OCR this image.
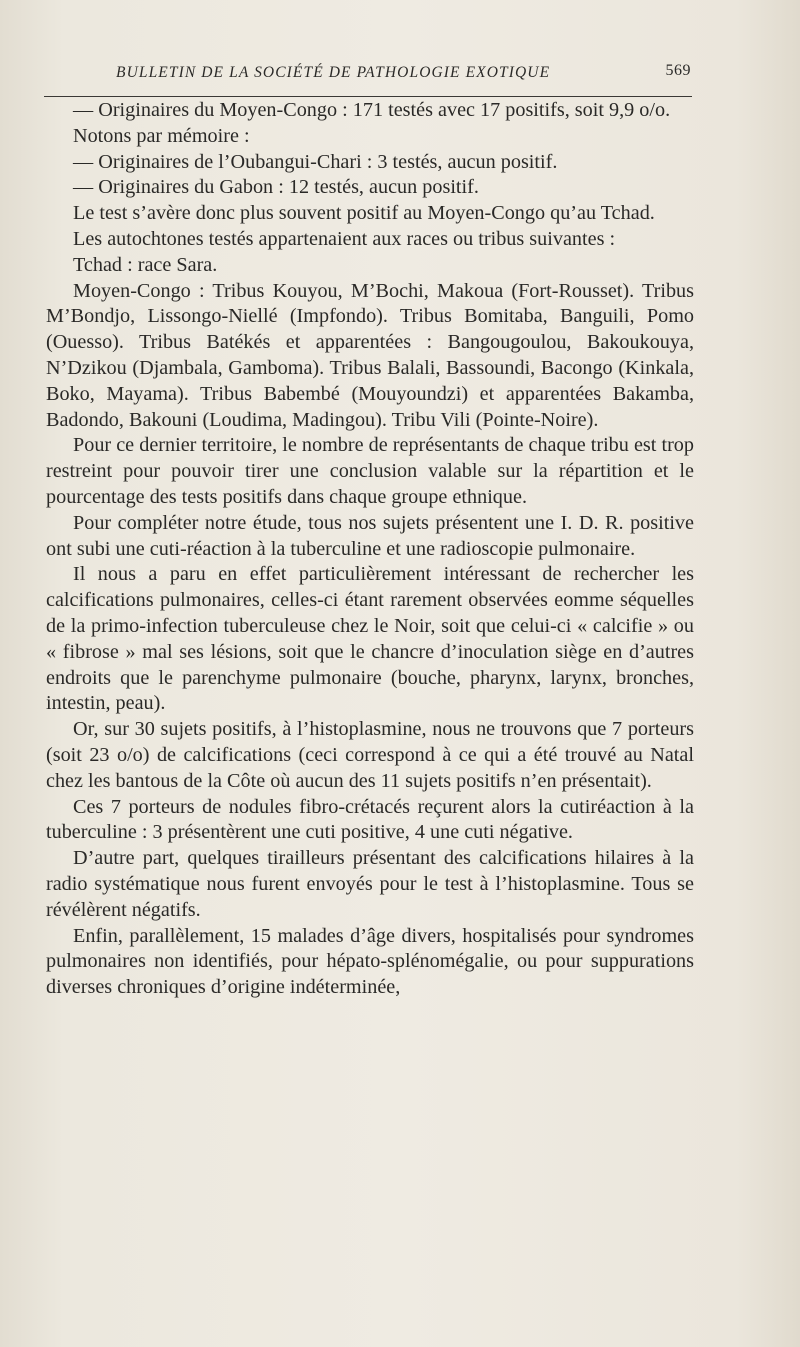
BULLETIN DE LA SOCIÉTÉ DE PATHOLOGIE EXOTIQUE	569

— Originaires du Moyen-Congo : 171 testés avec 17 positifs, soit 9,9 o/o.

Notons par mémoire :

— Originaires de l’Oubangui-Chari : 3 testés, aucun positif.

— Originaires du Gabon : 12 testés, aucun positif.

Le test s’avère donc plus souvent positif au Moyen-Congo qu’au Tchad.

Les autochtones testés appartenaient aux races ou tribus suivantes :

Tchad : race Sara.

Moyen-Congo : Tribus Kouyou, M’Bochi, Makoua (Fort-Rousset). Tribus M’Bondjo, Lissongo-Niellé (Impfondo). Tribus Bomitaba, Banguili, Pomo (Ouesso). Tribus Batékés et apparentées : Bangougoulou, Bakoukouya, N’Dzikou (Djambala, Gamboma). Tribus Balali, Bassoundi, Bacongo (Kinkala, Boko, Mayama). Tribus Babembé (Mouyoundzi) et apparentées Bakamba, Badondo, Bakouni (Loudima, Madingou). Tribu Vili (Pointe-Noire).

Pour ce dernier territoire, le nombre de représentants de chaque tribu est trop restreint pour pouvoir tirer une conclusion valable sur la répartition et le pourcentage des tests positifs dans chaque groupe ethnique.

Pour compléter notre étude, tous nos sujets présentent une I. D. R. positive ont subi une cuti-réaction à la tuberculine et une radioscopie pulmonaire.

Il nous a paru en effet particulièrement intéressant de rechercher les calcifications pulmonaires, celles-ci étant rarement observées eomme séquelles de la primo-infection tuberculeuse chez le Noir, soit que celui-ci « calcifie » ou « fibrose » mal ses lésions, soit que le chancre d’inoculation siège en d’autres endroits que le parenchyme pulmonaire (bouche, pharynx, larynx, bronches, intestin, peau).

Or, sur 30 sujets positifs, à l’histoplasmine, nous ne trouvons que 7 porteurs (soit 23 o/o) de calcifications (ceci correspond à ce qui a été trouvé au Natal chez les bantous de la Côte où aucun des 11 sujets positifs n’en présentait).

Ces 7 porteurs de nodules fibro-crétacés reçurent alors la cutiréaction à la tuberculine : 3 présentèrent une cuti positive, 4 une cuti négative.

D’autre part, quelques tirailleurs présentant des calcifications hilaires à la radio systématique nous furent envoyés pour le test à l’histoplasmine. Tous se révélèrent négatifs.

Enfin, parallèlement, 15 malades d’âge divers, hospitalisés pour syndromes pulmonaires non identifiés, pour hépato-splénomégalie, ou pour suppurations diverses chroniques d’origine indéterminée,
